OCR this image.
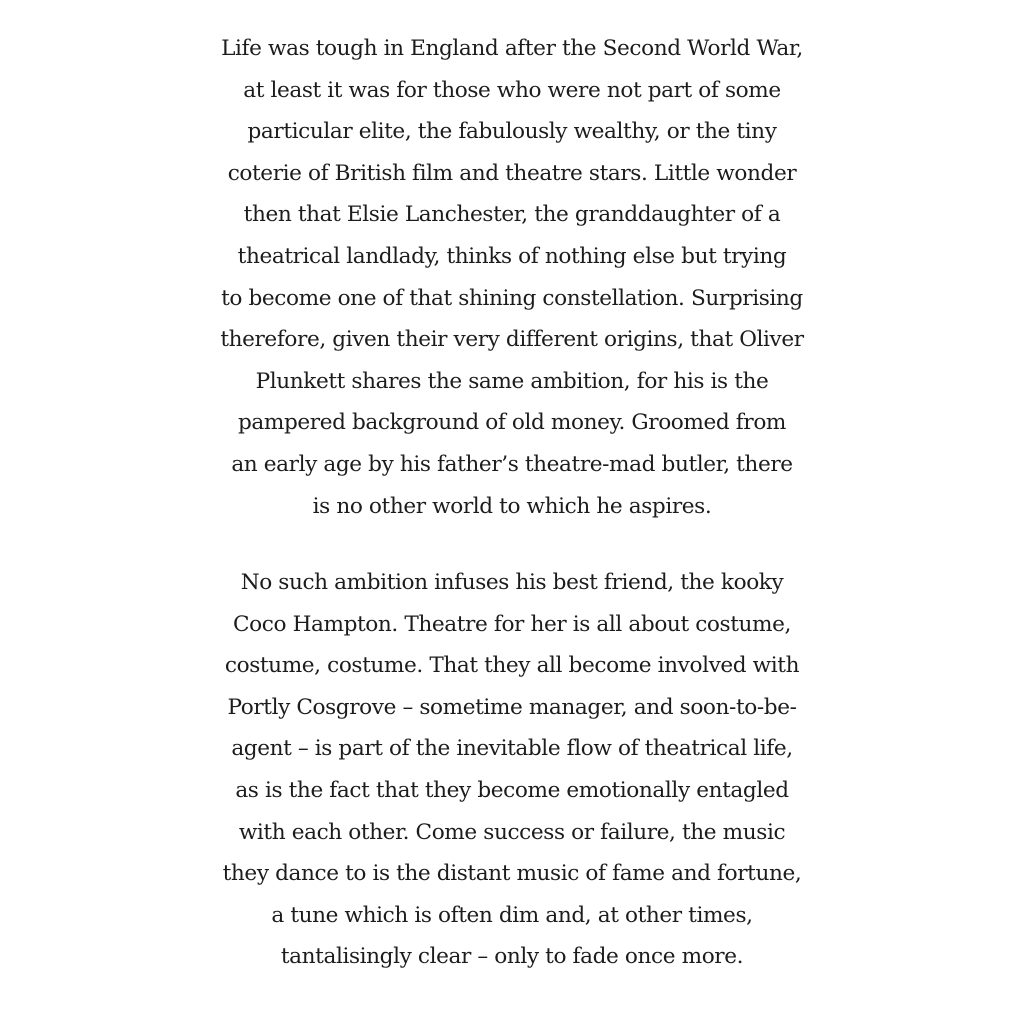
Life was tough in England after the Second World War,
at least it was for those who were not part of some
particular elite, the fabulously wealthy, or the tiny
coterie of British film and theatre stars. Little wonder
then that Elsie Lanchester, the granddaughter of a
theatrical landlady, thinks of nothing else but trying
to become one of that shining constellation. Surprising
therefore, given their very different origins, that Oliver
Plunkett shares the same ambition, for his is the
pampered background of old money. Groomed from
an early age by his father’s theatre-mad butler, there
is no other world to which he aspires.
No such ambition infuses his best friend, the kooky
Coco Hampton. Theatre for her is all about costume,
costume, costume. That they all become involved with
Portly Cosgrove – sometime manager, and soon-to-be-
agent – is part of the inevitable flow of theatrical life,
as is the fact that they become emotionally entagled
with each other. Come success or failure, the music
they dance to is the distant music of fame and fortune,
a tune which is often dim and, at other times,
tantalisingly clear – only to fade once more.
